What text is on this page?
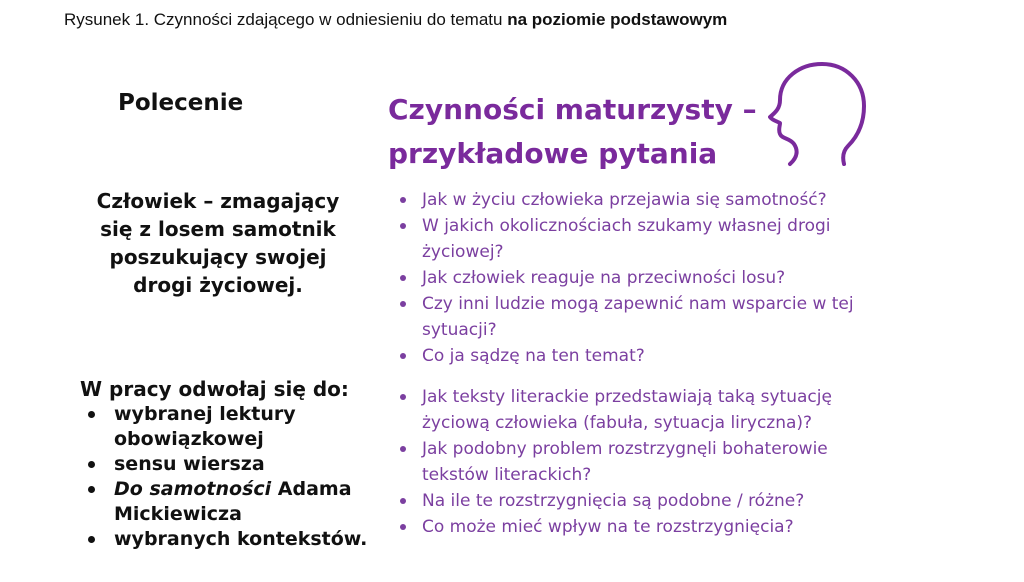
Rysunek 1. Czynności zdającego w odniesieniu do tematu na poziomie podstawowym
Polecenie
Człowiek – zmagający się z losem samotnik poszukujący swojej drogi życiowej.
W pracy odwołaj się do:
wybranej lektury obowiązkowej
sensu wiersza
Do samotności Adama Mickiewicza
wybranych kontekstów.
Czynności maturzysty –
przykładowe pytania
Jak w życiu człowieka przejawia się samotność?
W jakich okolicznościach szukamy własnej drogi życiowej?
Jak człowiek reaguje na przeciwności losu?
Czy inni ludzie mogą zapewnić nam wsparcie w tej sytuacji?
Co ja sądzę na ten temat?
Jak teksty literackie przedstawiają taką sytuację życiową człowieka (fabuła, sytuacja liryczna)?
Jak podobny problem rozstrzygnęli bohaterowie tekstów literackich?
Na ile te rozstrzygnięcia są podobne / różne?
Co może mieć wpływ na te rozstrzygnięcia?
